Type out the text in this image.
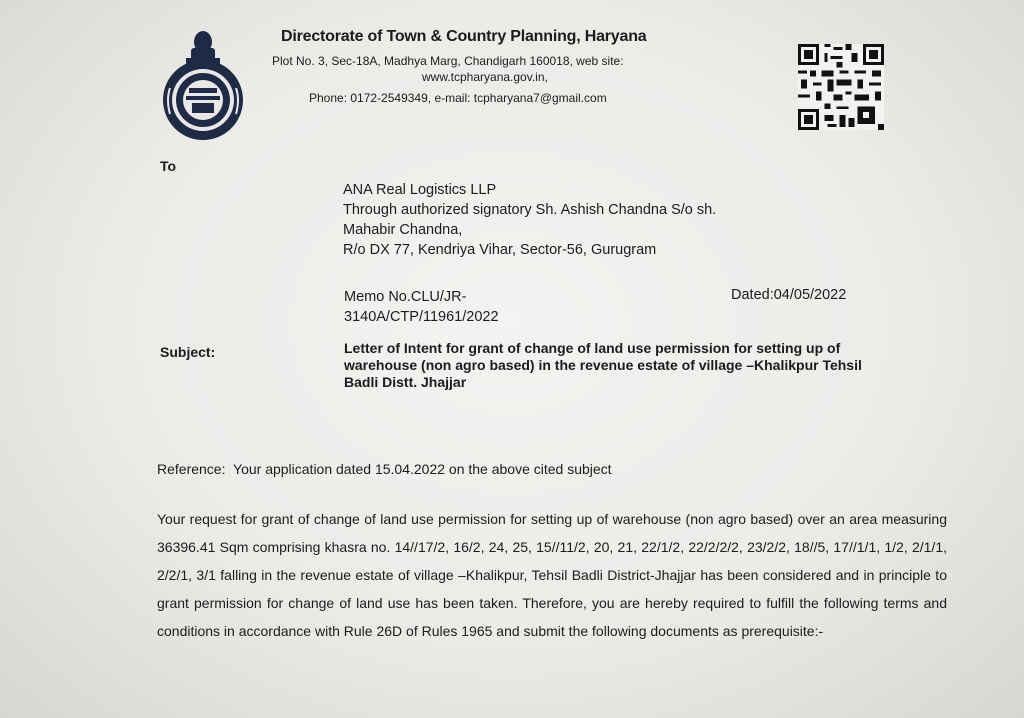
Directorate of Town & Country Planning, Haryana
Plot No. 3, Sec-18A, Madhya Marg, Chandigarh 160018, web site:
www.tcpharyana.gov.in,
Phone: 0172-2549349, e-mail: tcpharyana7@gmail.com
To
ANA Real Logistics LLP
Through authorized signatory Sh. Ashish Chandna S/o sh.
Mahabir Chandna,
R/o DX 77, Kendriya Vihar, Sector-56, Gurugram
Memo No.CLU/JR-
3140A/CTP/11961/2022
Dated:04/05/2022
Subject:	Letter of Intent for grant of change of land use permission for setting up of warehouse (non agro based) in the revenue estate of village –Khalikpur Tehsil Badli Distt. Jhajjar
Reference: Your application dated 15.04.2022 on the above cited subject
Your request for grant of change of land use permission for setting up of warehouse (non agro based) over an area measuring 36396.41 Sqm comprising khasra no. 14//17/2, 16/2, 24, 25, 15//11/2, 20, 21, 22/1/2, 22/2/2/2, 23/2/2, 18//5, 17//1/1, 1/2, 2/1/1, 2/2/1, 3/1 falling in the revenue estate of village –Khalikpur, Tehsil Badli District-Jhajjar has been considered and in principle to grant permission for change of land use has been taken. Therefore, you are hereby required to fulfill the following terms and conditions in accordance with Rule 26D of Rules 1965 and submit the following documents as prerequisite:-
